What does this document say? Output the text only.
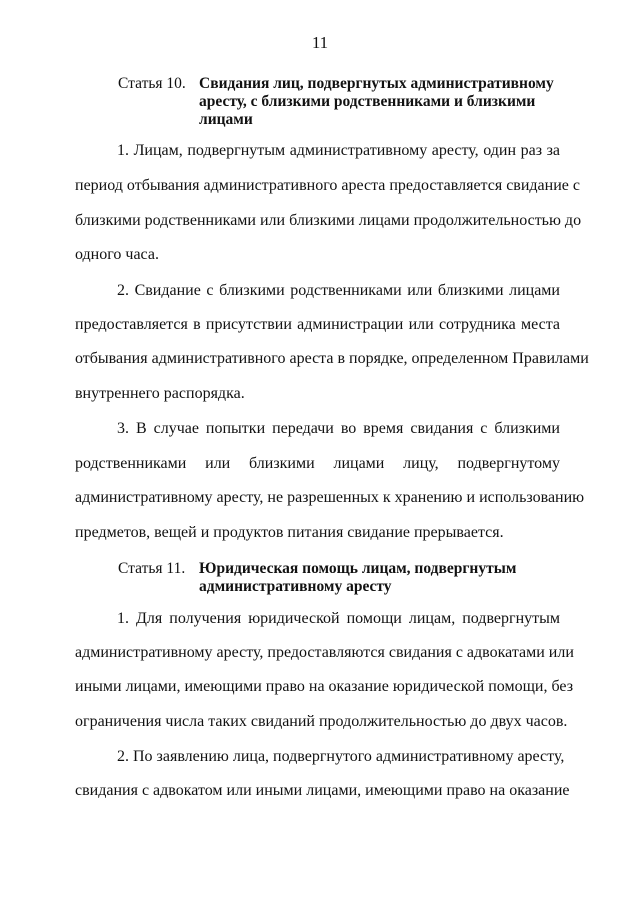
11
Статья 10. Свидания лиц, подвергнутых административному
аресту, с близкими родственниками и близкими
лицами
1. Лицам, подвергнутым административному аресту, один раз за
период отбывания административного ареста предоставляется свидание с
близкими родственниками или близкими лицами продолжительностью до
одного часа.
2. Свидание с близкими родственниками или близкими лицами
предоставляется в присутствии администрации или сотрудника места
отбывания административного ареста в порядке, определенном Правилами
внутреннего распорядка.
3. В случае попытки передачи во время свидания с близкими
родственниками или близкими лицами лицу, подвергнутому
административному аресту, не разрешенных к хранению и использованию
предметов, вещей и продуктов питания свидание прерывается.
Статья 11. Юридическая помощь лицам, подвергнутым
административному аресту
1. Для получения юридической помощи лицам, подвергнутым
административному аресту, предоставляются свидания с адвокатами или
иными лицами, имеющими право на оказание юридической помощи, без
ограничения числа таких свиданий продолжительностью до двух часов.
2. По заявлению лица, подвергнутого административному аресту,
свидания с адвокатом или иными лицами, имеющими право на оказание
